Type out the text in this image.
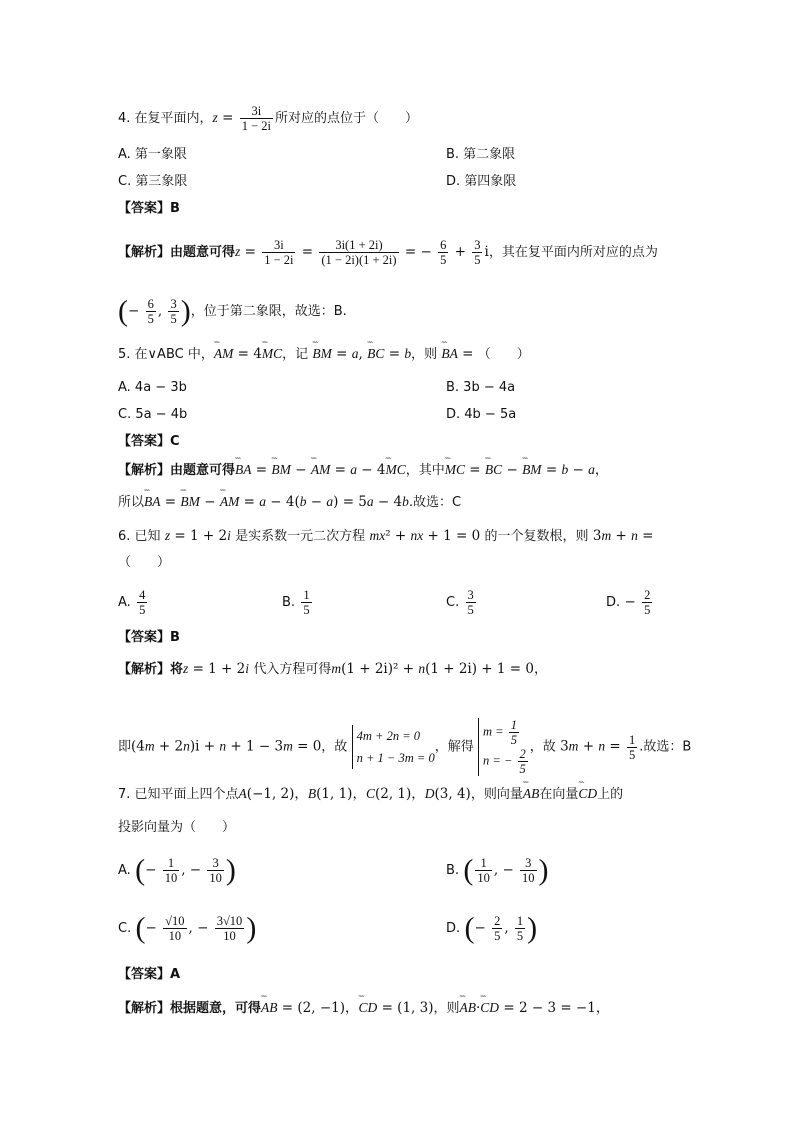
4. 在复平面内，$z = \frac{3i}{1 - 2i}$ 所对应的点位于（　　）
A. 第一象限	B. 第二象限
C. 第三象限	D. 第四象限
【答案】B
【解析】由题意可得$z = \frac{3i}{1 - 2i} = \frac{3i(1 + 2i)}{(1 - 2i)(1 + 2i)}$ = − $\frac{6}{5} + \frac{3}{5}$ i，其在复平面内所对应的点为
(− $\frac{6}{5}$ , $\frac{3}{5}$ )，位于第二象限，故选：B.
5. 在∨ABC 中，˜˜˜ AM = 4˜˜˜ MC，记 ˜˜˜ BM = a, ˜˜˜ BC = b，则 ˜˜˜ BA = （　　）
A. 4a − 3b	B. 3b − 4a
C. 5a − 4b	D. 4b − 5a
【答案】C
【解析】由题意可得˜˜˜ BA = ˜˜˜ BM − ˜˜˜ AM = a − 4˜˜˜ MC，其中˜˜˜ MC = ˜˜˜ BC − ˜˜˜ BM = b − a，
所以˜˜˜ BA = ˜˜˜ BM − ˜˜˜ AM = a − 4(b − a) = 5a − 4b.故选：C
6. 已知 z = 1 + 2i 是实系数一元二次方程 mx² + nx + 1 = 0 的一个复数根，则 3m + n =
（　　）
A. $\frac{4}{5}$	B. $\frac{1}{5}$	C. $\frac{3}{5}$	D. − $\frac{2}{5}$
【答案】B
【解析】将z = 1 + 2i 代入方程可得m(1 + 2i)² + n(1 + 2i) + 1 = 0，
即(4m + 2n)i + n + 1 − 3m = 0，故 4m + 2n = 0
n + 1 − 3m = 0，解得 $m = \frac{1}{5}$

n = − $\frac{2}{5}$ ，故 $3m + n = \frac{1}{5}$ .故选：B
7. 已知平面上四个点A(−1, 2)，B(1, 1)，C(2, 1)，D(3, 4)，则向量˜˜˜ AB在向量˜˜˜ CD上的
投影向量为（　　）
A. (− $\frac{1}{10}$ , − $\frac{3}{10}$ )	B. ( $\frac{1}{10}$ , − $\frac{3}{10}$ )
C. (− $\frac{√10}{10}$ , − $\frac{3√10}{10}$ )	D. (− $\frac{2}{5}$ , $\frac{1}{5}$ )
【答案】A
【解析】根据题意，可得˜˜˜ AB = (2, −1)，˜˜˜ CD = (1, 3)，则˜˜˜ AB·˜˜˜ CD = 2 − 3 = −1，
